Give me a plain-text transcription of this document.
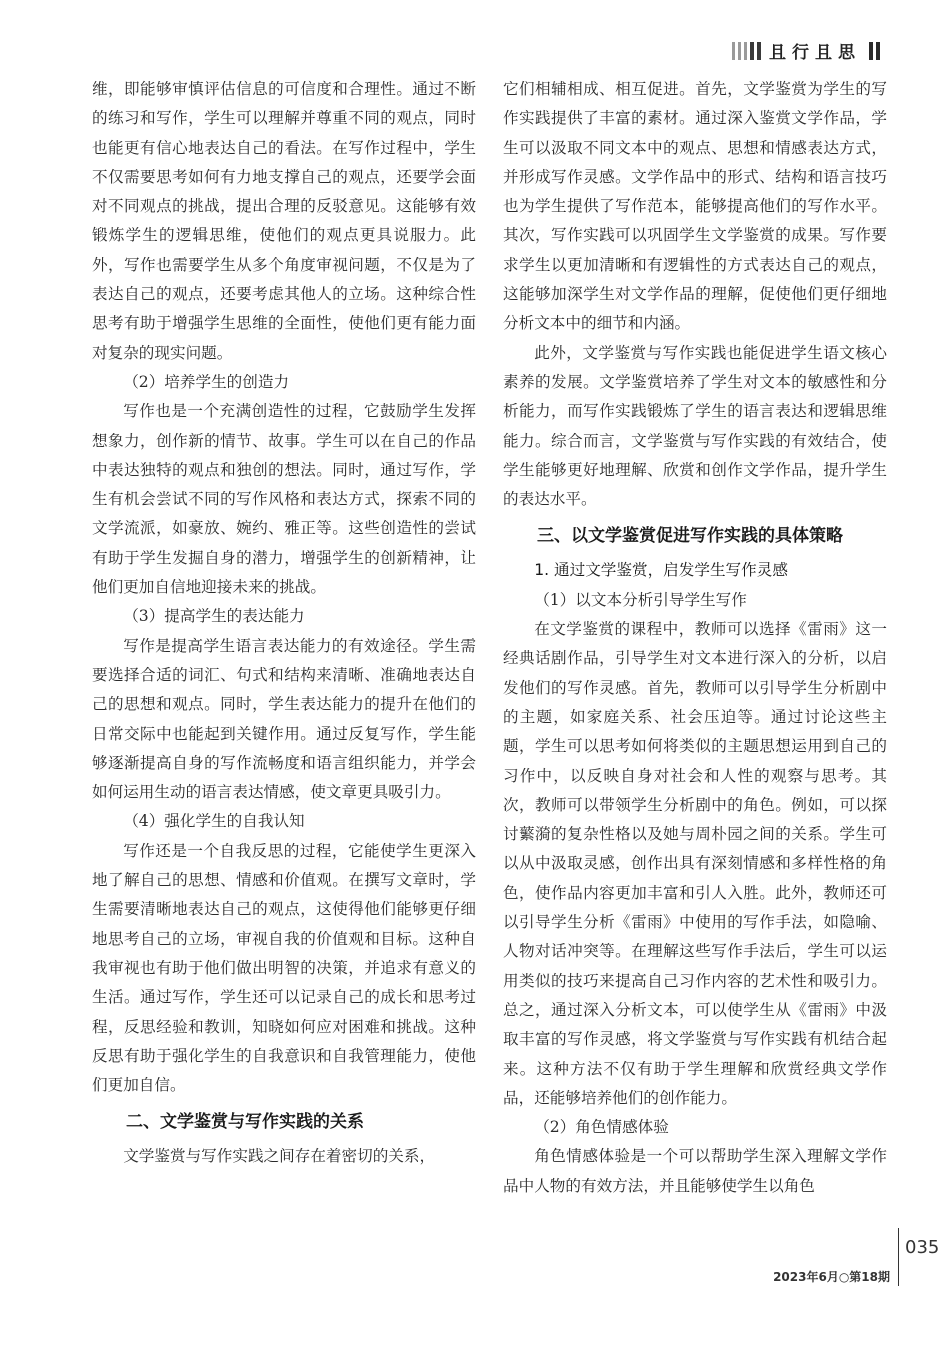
且行且思

维，即能够审慎评估信息的可信度和合理性。通过不断的练习和写作，学生可以理解并尊重不同的观点，同时也能更有信心地表达自己的看法。在写作过程中，学生不仅需要思考如何有力地支撑自己的观点，还要学会面对不同观点的挑战，提出合理的反驳意见。这能够有效锻炼学生的逻辑思维，使他们的观点更具说服力。此外，写作也需要学生从多个角度审视问题，不仅是为了表达自己的观点，还要考虑其他人的立场。这种综合性思考有助于增强学生思维的全面性，使他们更有能力面对复杂的现实问题。

（2）培养学生的创造力

写作也是一个充满创造性的过程，它鼓励学生发挥想象力，创作新的情节、故事。学生可以在自己的作品中表达独特的观点和独创的想法。同时，通过写作，学生有机会尝试不同的写作风格和表达方式，探索不同的文学流派，如豪放、婉约、雅正等。这些创造性的尝试有助于学生发掘自身的潜力，增强学生的创新精神，让他们更加自信地迎接未来的挑战。

（3）提高学生的表达能力

写作是提高学生语言表达能力的有效途径。学生需要选择合适的词汇、句式和结构来清晰、准确地表达自己的思想和观点。同时，学生表达能力的提升在他们的日常交际中也能起到关键作用。通过反复写作，学生能够逐渐提高自身的写作流畅度和语言组织能力，并学会如何运用生动的语言表达情感，使文章更具吸引力。

（4）强化学生的自我认知

写作还是一个自我反思的过程，它能使学生更深入地了解自己的思想、情感和价值观。在撰写文章时，学生需要清晰地表达自己的观点，这使得他们能够更仔细地思考自己的立场，审视自我的价值观和目标。这种自我审视也有助于他们做出明智的决策，并追求有意义的生活。通过写作，学生还可以记录自己的成长和思考过程，反思经验和教训，知晓如何应对困难和挑战。这种反思有助于强化学生的自我意识和自我管理能力，使他们更加自信。

二、文学鉴赏与写作实践的关系

文学鉴赏与写作实践之间存在着密切的关系，

它们相辅相成、相互促进。首先，文学鉴赏为学生的写作实践提供了丰富的素材。通过深入鉴赏文学作品，学生可以汲取不同文本中的观点、思想和情感表达方式，并形成写作灵感。文学作品中的形式、结构和语言技巧也为学生提供了写作范本，能够提高他们的写作水平。其次，写作实践可以巩固学生文学鉴赏的成果。写作要求学生以更加清晰和有逻辑性的方式表达自己的观点，这能够加深学生对文学作品的理解，促使他们更仔细地分析文本中的细节和内涵。

此外，文学鉴赏与写作实践也能促进学生语文核心素养的发展。文学鉴赏培养了学生对文本的敏感性和分析能力，而写作实践锻炼了学生的语言表达和逻辑思维能力。综合而言，文学鉴赏与写作实践的有效结合，使学生能够更好地理解、欣赏和创作文学作品，提升学生的表达水平。

三、以文学鉴赏促进写作实践的具体策略
1. 通过文学鉴赏，启发学生写作灵感

（1）以文本分析引导学生写作

在文学鉴赏的课程中，教师可以选择《雷雨》这一经典话剧作品，引导学生对文本进行深入的分析，以启发他们的写作灵感。首先，教师可以引导学生分析剧中的主题，如家庭关系、社会压迫等。通过讨论这些主题，学生可以思考如何将类似的主题思想运用到自己的习作中，以反映自身对社会和人性的观察与思考。其次，教师可以带领学生分析剧中的角色。例如，可以探讨蘩漪的复杂性格以及她与周朴园之间的关系。学生可以从中汲取灵感，创作出具有深刻情感和多样性格的角色，使作品内容更加丰富和引人入胜。此外，教师还可以引导学生分析《雷雨》中使用的写作手法，如隐喻、人物对话冲突等。在理解这些写作手法后，学生可以运用类似的技巧来提高自己习作内容的艺术性和吸引力。总之，通过深入分析文本，可以使学生从《雷雨》中汲取丰富的写作灵感，将文学鉴赏与写作实践有机结合起来。这种方法不仅有助于学生理解和欣赏经典文学作品，还能够培养他们的创作能力。

（2）角色情感体验

角色情感体验是一个可以帮助学生深入理解文学作品中人物的有效方法，并且能够使学生以角色

035
2023年6月○第18期
